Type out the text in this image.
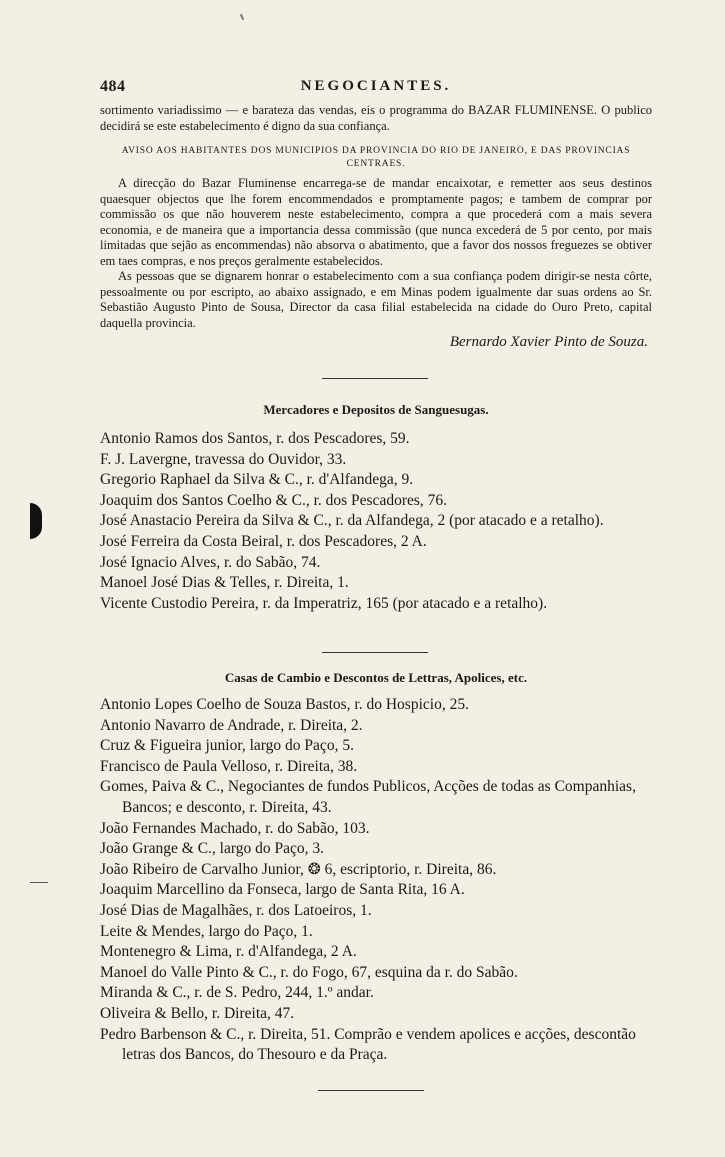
484	NEGOCIANTES.

sortimento variadissimo — e barateza das vendas, eis o programma do BAZAR FLUMINENSE. O publico decidirá se este estabelecimento é digno da sua confiança.

AVISO AOS HABITANTES DOS MUNICIPIOS DA PROVINCIA DO RIO DE JANEIRO, E DAS PROVINCIAS CENTRAES.

A direcção do Bazar Fluminense encarrega-se de mandar encaixotar, e remetter aos seus destinos quaesquer objectos que lhe forem encommendados e promptamente pagos; e tambem de comprar por commissão os que não houverem neste estabelecimento, compra a que procederá com a mais severa economia, e de maneira que a importancia dessa commissão (que nunca excederá de 5 por cento, por mais limitadas que sejão as encommendas) não absorva o abatimento, que a favor dos nossos freguezes se obtiver em taes compras, e nos preços geralmente estabelecidos.

As pessoas que se dignarem honrar o estabelecimento com a sua confiança podem dirigir-se nesta côrte, pessoalmente ou por escripto, ao abaixo assignado, e em Minas podem igualmente dar suas ordens ao Sr. Sebastião Augusto Pinto de Sousa, Director da casa filial estabelecida na cidade do Ouro Preto, capital daquella provincia.

Bernardo Xavier Pinto de Souza.

Mercadores e Depositos de Sanguesugas.
Antonio Ramos dos Santos, r. dos Pescadores, 59.
F. J. Lavergne, travessa do Ouvidor, 33.
Gregorio Raphael da Silva & C., r. d'Alfandega, 9.
Joaquim dos Santos Coelho & C., r. dos Pescadores, 76.
José Anastacio Pereira da Silva & C., r. da Alfandega, 2 (por atacado e a retalho).
José Ferreira da Costa Beiral, r. dos Pescadores, 2 A.
José Ignacio Alves, r. do Sabão, 74.
Manoel José Dias & Telles, r. Direita, 1.
Vicente Custodio Pereira, r. da Imperatriz, 165 (por atacado e a retalho).
Casas de Cambio e Descontos de Lettras, Apolices, etc.
Antonio Lopes Coelho de Souza Bastos, r. do Hospicio, 25.
Antonio Navarro de Andrade, r. Direita, 2.
Cruz & Figueira junior, largo do Paço, 5.
Francisco de Paula Velloso, r. Direita, 38.
Gomes, Paiva & C., Negociantes de fundos Publicos, Acções de todas as Companhias, Bancos; e desconto, r. Direita, 43.
João Fernandes Machado, r. do Sabão, 103.
João Grange & C., largo do Paço, 3.
João Ribeiro de Carvalho Junior, ❂ 6, escriptorio, r. Direita, 86.
Joaquim Marcellino da Fonseca, largo de Santa Rita, 16 A.
José Dias de Magalhães, r. dos Latoeiros, 1.
Leite & Mendes, largo do Paço, 1.
Montenegro & Lima, r. d'Alfandega, 2 A.
Manoel do Valle Pinto & C., r. do Fogo, 67, esquina da r. do Sabão.
Miranda & C., r. de S. Pedro, 244, 1.º andar.
Oliveira & Bello, r. Direita, 47.
Pedro Barbenson & C., r. Direita, 51. Comprão e vendem apolices e acções, descontão letras dos Bancos, do Thesouro e da Praça.
